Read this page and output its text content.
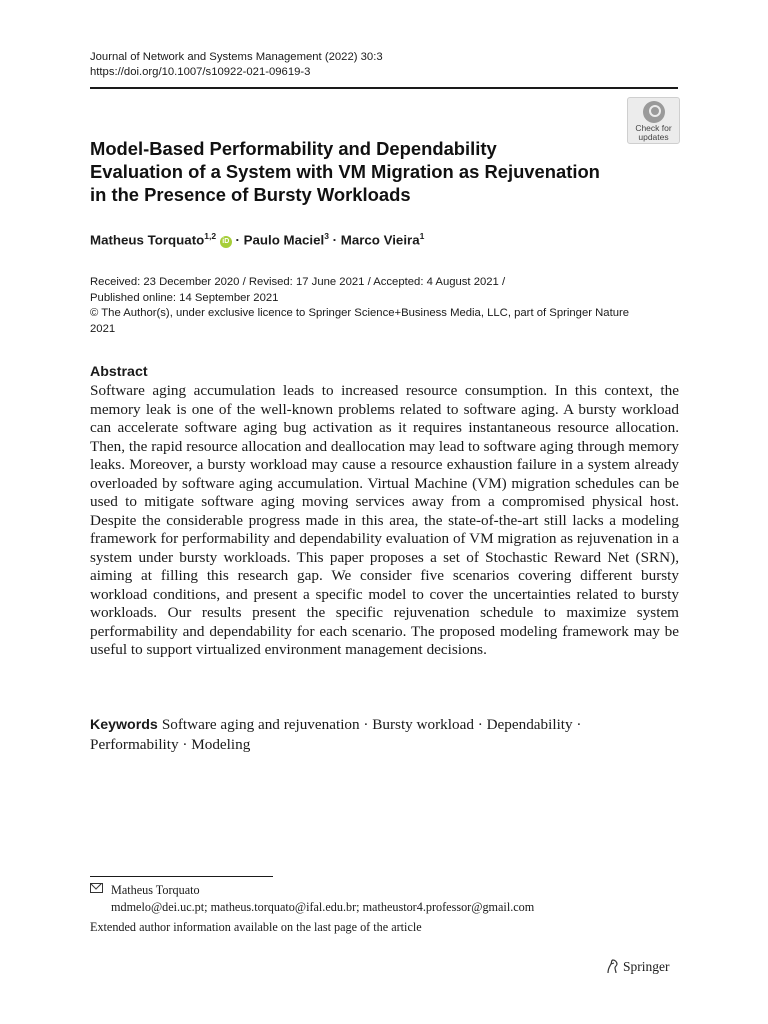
Journal of Network and Systems Management (2022) 30:3
https://doi.org/10.1007/s10922-021-09619-3
Check for
updates
Model-Based Performability and Dependability
Evaluation of a System with VM Migration as Rejuvenation
in the Presence of Bursty Workloads
Matheus Torquato$^{1,2}$ iD · Paulo Maciel$^3$ · Marco Vieira$^1$
Received: 23 December 2020 / Revised: 17 June 2021 / Accepted: 4 August 2021 /
Published online: 14 September 2021
© The Author(s), under exclusive licence to Springer Science+Business Media, LLC, part of Springer Nature
2021
Abstract

Software aging accumulation leads to increased resource consumption. In this context, the memory leak is one of the well-known problems related to software aging. A bursty workload can accelerate software aging bug activation as it requires instantaneous resource allocation. Then, the rapid resource allocation and deallocation may lead to software aging through memory leaks. Moreover, a bursty workload may cause a resource exhaustion failure in a system already overloaded by software aging accumulation. Virtual Machine (VM) migration schedules can be used to mitigate software aging moving services away from a compromised physical host. Despite the considerable progress made in this area, the state-of-the-art still lacks a modeling framework for performability and dependability evaluation of VM migration as rejuvenation in a system under bursty workloads. This paper proposes a set of Stochastic Reward Net (SRN), aiming at filling this research gap. We consider five scenarios covering different bursty workload conditions, and present a specific model to cover the uncertainties related to bursty workloads. Our results present the specific rejuvenation schedule to maximize system performability and dependability for each scenario. The proposed modeling framework may be useful to support virtualized environment management decisions.

Keywords Software aging and rejuvenation · Bursty workload · Dependability ·
Performability · Modeling
Matheus Torquato
mdmelo@dei.uc.pt; matheus.torquato@ifal.edu.br; matheustor4.professor@gmail.com
Extended author information available on the last page of the article
Springer
